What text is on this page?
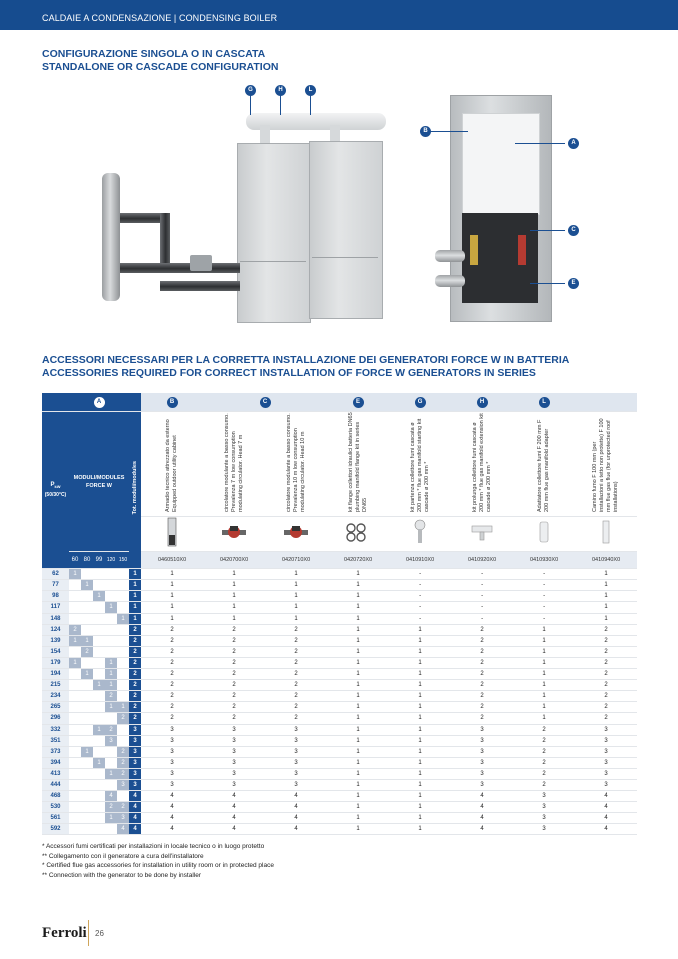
CALDAIE A CONDENSAZIONE | CONDENSING BOILER
CONFIGURAZIONE SINGOLA O IN CASCATA
STANDALONE OR CASCADE CONFIGURATION
G	H	L
B
A
C
E
ACCESSORI NECESSARI PER LA CORRETTA INSTALLAZIONE DEI GENERATORI FORCE W IN BATTERIA
ACCESSORIES REQUIRED FOR CORRECT INSTALLATION OF FORCE W GENERATORS IN SERIES
	A						B	C		E	G	H	L	
$P_{kW}$
(50/30°C)	MODULI/MODULES FORCE W					Tot. moduli/modules	Armadio tecnico attrezzato da esterno Equipped outdoor utility cabinet	circolatore modulante a basso consumo. Prevalenza 7 m low consumption modulating circulator. Head 7 m	circolatore modulante a basso consumo. Prevalenza 10 m low consumption modulating circulator. Head 10 m	kit flange collettori idraulici batteria DN65 plumbing manifold flange kit in series DN65	kit partenza collettore fumi cascata ø 200 mm * flue gas manifold starting kit cascade ø 200 mm *	kit prolunga collettore fumi cascata ø 200 mm * flue gas manifold extension kit cascade ø 200 mm *	Adattatore collettore fumi F 200 mm F 200 mm flue gas manifold adapter	Camino fumo F 100 mm (per installazioni a tetto non protette) F 100 mm flue gas flue (for unprotected roof installations)

	60	80	99	120	150		0460510X0	0420700X0	0420710X0	0420720X0	0410910X0	0410920X0	0410930X0	0410940X0
62	1					1	1	1	1	1	-	-	-	1
77		1				1	1	1	1	1	-	-	-	1
98			1			1	1	1	1	1	-	-	-	1
117				1		1	1	1	1	1	-	-	-	1
148					1	1	1	1	1	1	-	-	-	1
124	2					2	2	2	2	1	1	2	1	2
139	1	1				2	2	2	2	1	1	2	1	2
154		2				2	2	2	2	1	1	2	1	2
179	1			1		2	2	2	2	1	1	2	1	2
194		1		1		2	2	2	2	1	1	2	1	2
215			1	1		2	2	2	2	1	1	2	1	2
234				2		2	2	2	2	1	1	2	1	2
265				1	1	2	2	2	2	1	1	2	1	2
296					2	2	2	2	2	1	1	2	1	2
332			1	2		3	3	3	3	1	1	3	2	3
351				3		3	3	3	3	1	1	3	2	3
373		1			2	3	3	3	3	1	1	3	2	3
394			1		2	3	3	3	3	1	1	3	2	3
413				1	2	3	3	3	3	1	1	3	2	3
444					3	3	3	3	3	1	1	3	2	3
468				4		4	4	4	4	1	1	4	3	4
530				2	2	4	4	4	4	1	1	4	3	4
561				1	3	4	4	4	4	1	1	4	3	4
592					4	4	4	4	4	1	1	4	3	4
* Accessori fumi certificati per installazioni in locale tecnico o in luogo protetto
** Collegamento con il generatore a cura dell'installatore
* Certified flue gas accessories for installation in utility room or in protected place
** Connection with the generator to be done by installer
Ferroli 26
